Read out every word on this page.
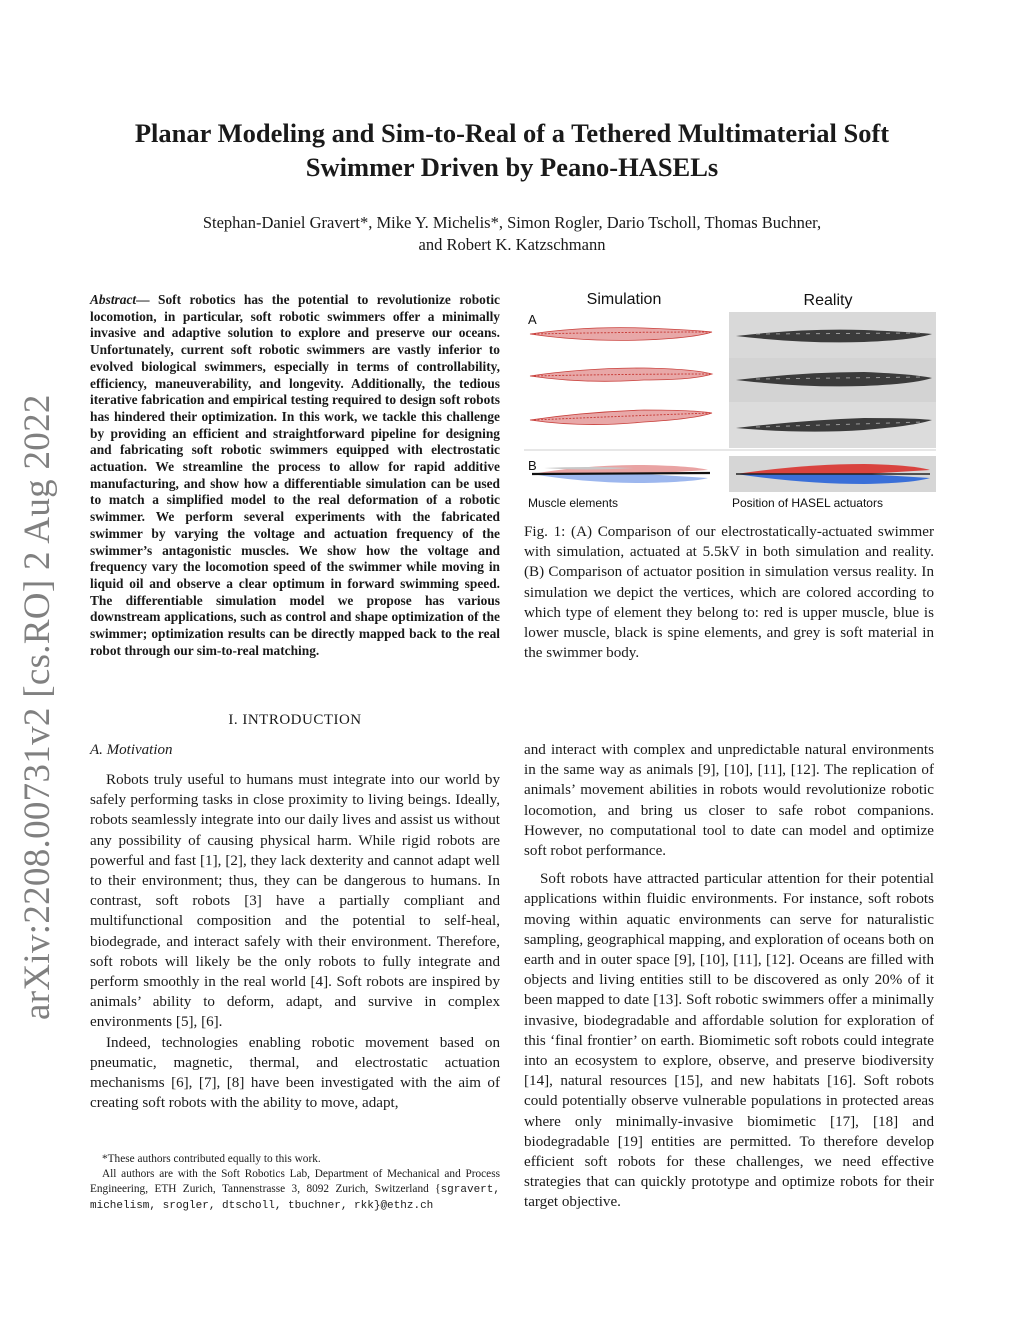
arXiv:2208.00731v2 [cs.RO] 2 Aug 2022
Planar Modeling and Sim-to-Real of a Tethered Multimaterial Soft Swimmer Driven by Peano-HASELs
Stephan-Daniel Gravert*, Mike Y. Michelis*, Simon Rogler, Dario Tscholl, Thomas Buchner,
and Robert K. Katzschmann
Abstract— Soft robotics has the potential to revolutionize robotic locomotion, in particular, soft robotic swimmers offer a minimally invasive and adaptive solution to explore and preserve our oceans. Unfortunately, current soft robotic swimmers are vastly inferior to evolved biological swimmers, especially in terms of controllability, efficiency, maneuverability, and longevity. Additionally, the tedious iterative fabrication and empirical testing required to design soft robots has hindered their optimization. In this work, we tackle this challenge by providing an efficient and straightforward pipeline for designing and fabricating soft robotic swimmers equipped with electrostatic actuation. We streamline the process to allow for rapid additive manufacturing, and show how a differentiable simulation can be used to match a simplified model to the real deformation of a robotic swimmer. We perform several experiments with the fabricated swimmer by varying the voltage and actuation frequency of the swimmer’s antagonistic muscles. We show how the voltage and frequency vary the locomotion speed of the swimmer while moving in liquid oil and observe a clear optimum in forward swimming speed. The differentiable simulation model we propose has various downstream applications, such as control and shape optimization of the swimmer; optimization results can be directly mapped back to the real robot through our sim-to-real matching.
I. INTRODUCTION
A. Motivation

Robots truly useful to humans must integrate into our world by safely performing tasks in close proximity to living beings. Ideally, robots seamlessly integrate into our daily lives and assist us without any possibility of causing physical harm. While rigid robots are powerful and fast [1], [2], they lack dexterity and cannot adapt well to their environment; thus, they can be dangerous to humans. In contrast, soft robots [3] have a partially compliant and multifunctional composition and the potential to self-heal, biodegrade, and interact safely with their environment. Therefore, soft robots will likely be the only robots to fully integrate and perform smoothly in the real world [4]. Soft robots are inspired by animals’ ability to deform, adapt, and survive in complex environments [5], [6].

Indeed, technologies enabling robotic movement based on pneumatic, magnetic, thermal, and electrostatic actuation mechanisms [6], [7], [8] have been investigated with the aim of creating soft robots with the ability to move, adapt,

*These authors contributed equally to this work.

All authors are with the Soft Robotics Lab, Department of Mechanical and Process Engineering, ETH Zurich, Tannenstrasse 3, 8092 Zurich, Switzerland {sgravert, michelism, srogler, dtscholl, tbuchner, rkk}@ethz.ch

Simulation	Reality
A
B
Muscle elements	Position of HASEL actuators
Fig. 1: (A) Comparison of our electrostatically-actuated swimmer with simulation, actuated at 5.5kV in both simulation and reality. (B) Comparison of actuator position in simulation versus reality. In simulation we depict the vertices, which are colored according to which type of element they belong to: red is upper muscle, blue is lower muscle, black is spine elements, and grey is soft material in the swimmer body.

and interact with complex and unpredictable natural environments in the same way as animals [9], [10], [11], [12]. The replication of animals’ movement abilities in robots would revolutionize robotic locomotion, and bring us closer to safe robot companions. However, no computational tool to date can model and optimize soft robot performance.

Soft robots have attracted particular attention for their potential applications within fluidic environments. For instance, soft robots moving within aquatic environments can serve for naturalistic sampling, geographical mapping, and exploration of oceans both on earth and in outer space [9], [10], [11], [12]. Oceans are filled with objects and living entities still to be discovered as only 20% of it been mapped to date [13]. Soft robotic swimmers offer a minimally invasive, biodegradable and affordable solution for exploration of this ‘final frontier’ on earth. Biomimetic soft robots could integrate into an ecosystem to explore, observe, and preserve biodiversity [14], natural resources [15], and new habitats [16]. Soft robots could potentially observe vulnerable populations in protected areas where only minimally-invasive biomimetic [17], [18] and biodegradable [19] entities are permitted. To therefore develop efficient soft robots for these challenges, we need effective strategies that can quickly prototype and optimize robots for their target objective.
